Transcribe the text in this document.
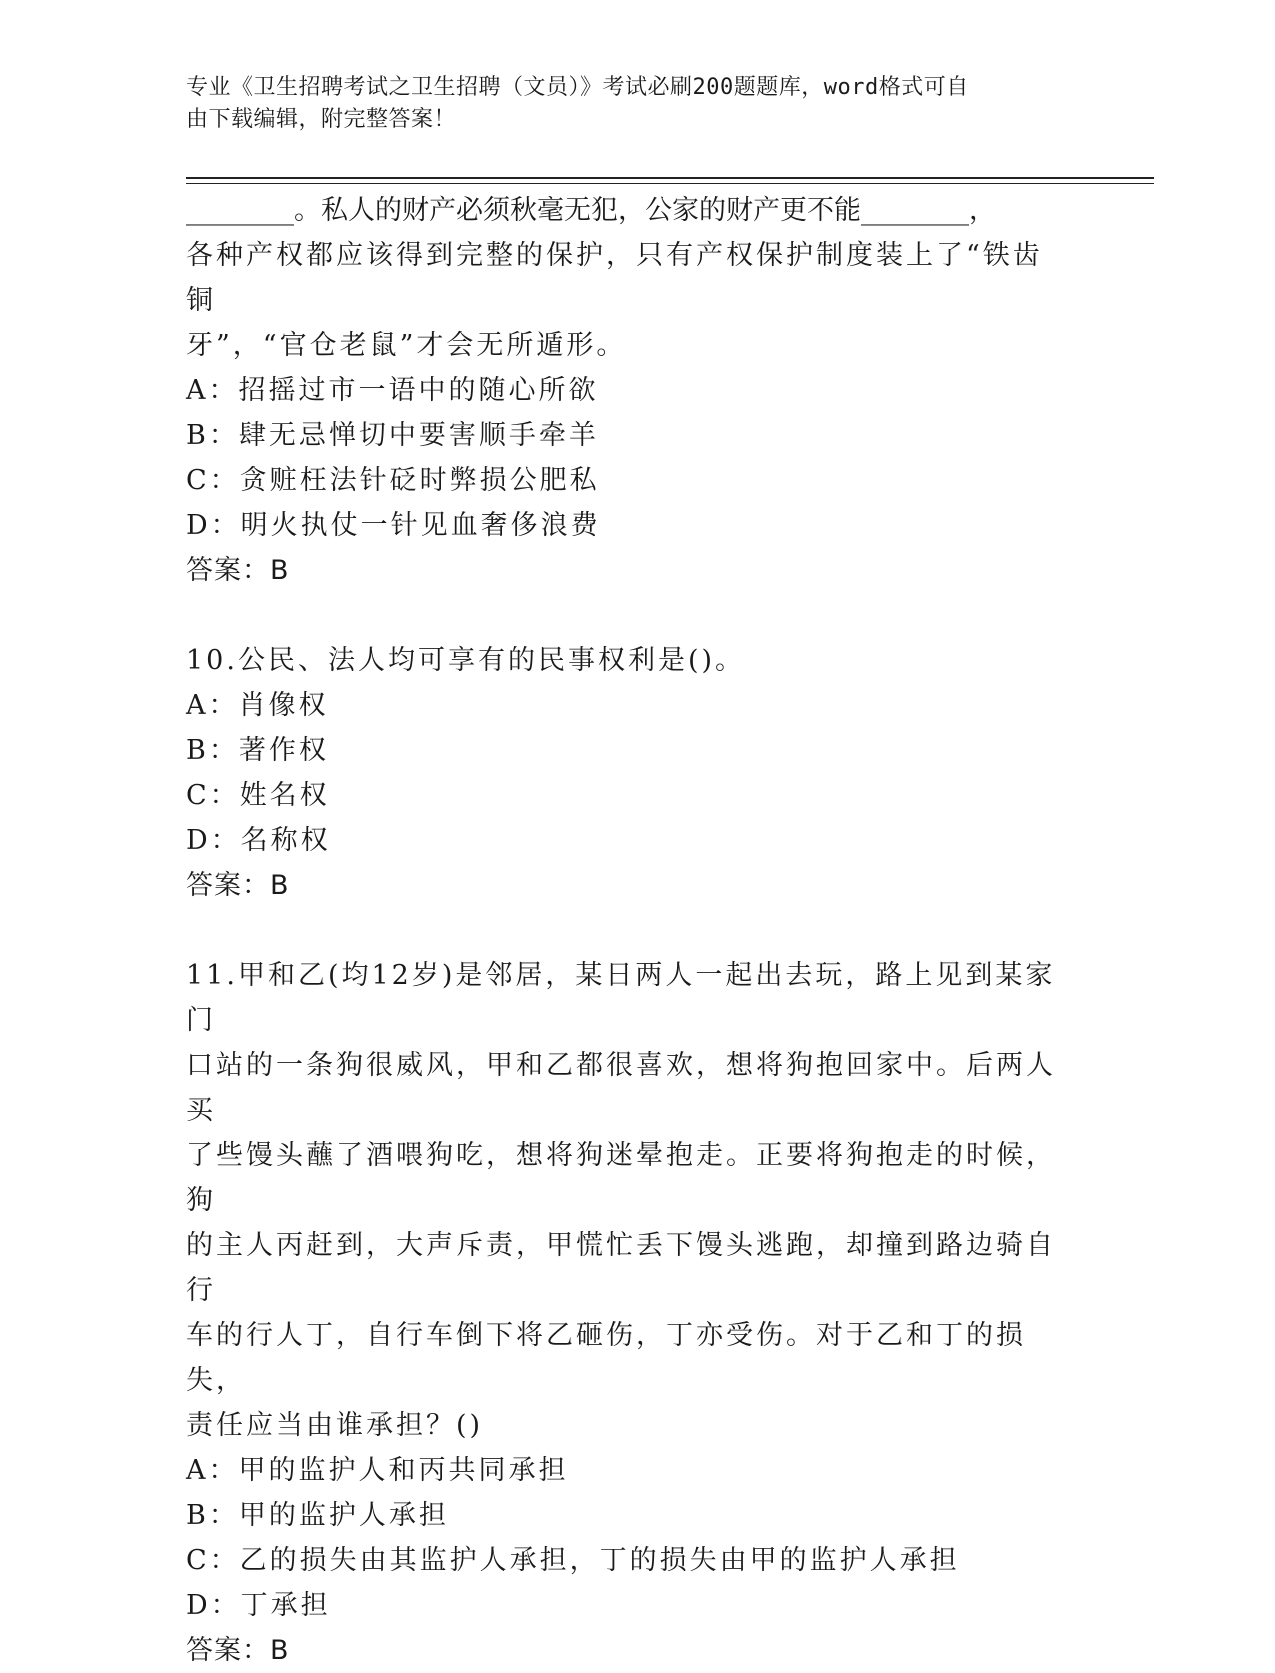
专业《卫生招聘考试之卫生招聘（文员）》考试必刷200题题库，word格式可自
由下载编辑，附完整答案！

________。私人的财产必须秋毫无犯，公家的财产更不能________，

各种产权都应该得到完整的保护，只有产权保护制度装上了“铁齿铜

牙”，“官仓老鼠”才会无所遁形。

A：招摇过市一语中的随心所欲

B：肆无忌惮切中要害顺手牵羊

C：贪赃枉法针砭时弊损公肥私

D：明火执仗一针见血奢侈浪费

答案：B

10.公民、法人均可享有的民事权利是()。

A：肖像权

B：著作权

C：姓名权

D：名称权

答案：B

11.甲和乙(均12岁)是邻居，某日两人一起出去玩，路上见到某家门

口站的一条狗很威风，甲和乙都很喜欢，想将狗抱回家中。后两人买

了些馒头蘸了酒喂狗吃，想将狗迷晕抱走。正要将狗抱走的时候，狗

的主人丙赶到，大声斥责，甲慌忙丢下馒头逃跑，却撞到路边骑自行

车的行人丁，自行车倒下将乙砸伤，丁亦受伤。对于乙和丁的损失，

责任应当由谁承担？()

A：甲的监护人和丙共同承担

B：甲的监护人承担

C：乙的损失由其监护人承担，丁的损失由甲的监护人承担

D：丁承担

答案：B
